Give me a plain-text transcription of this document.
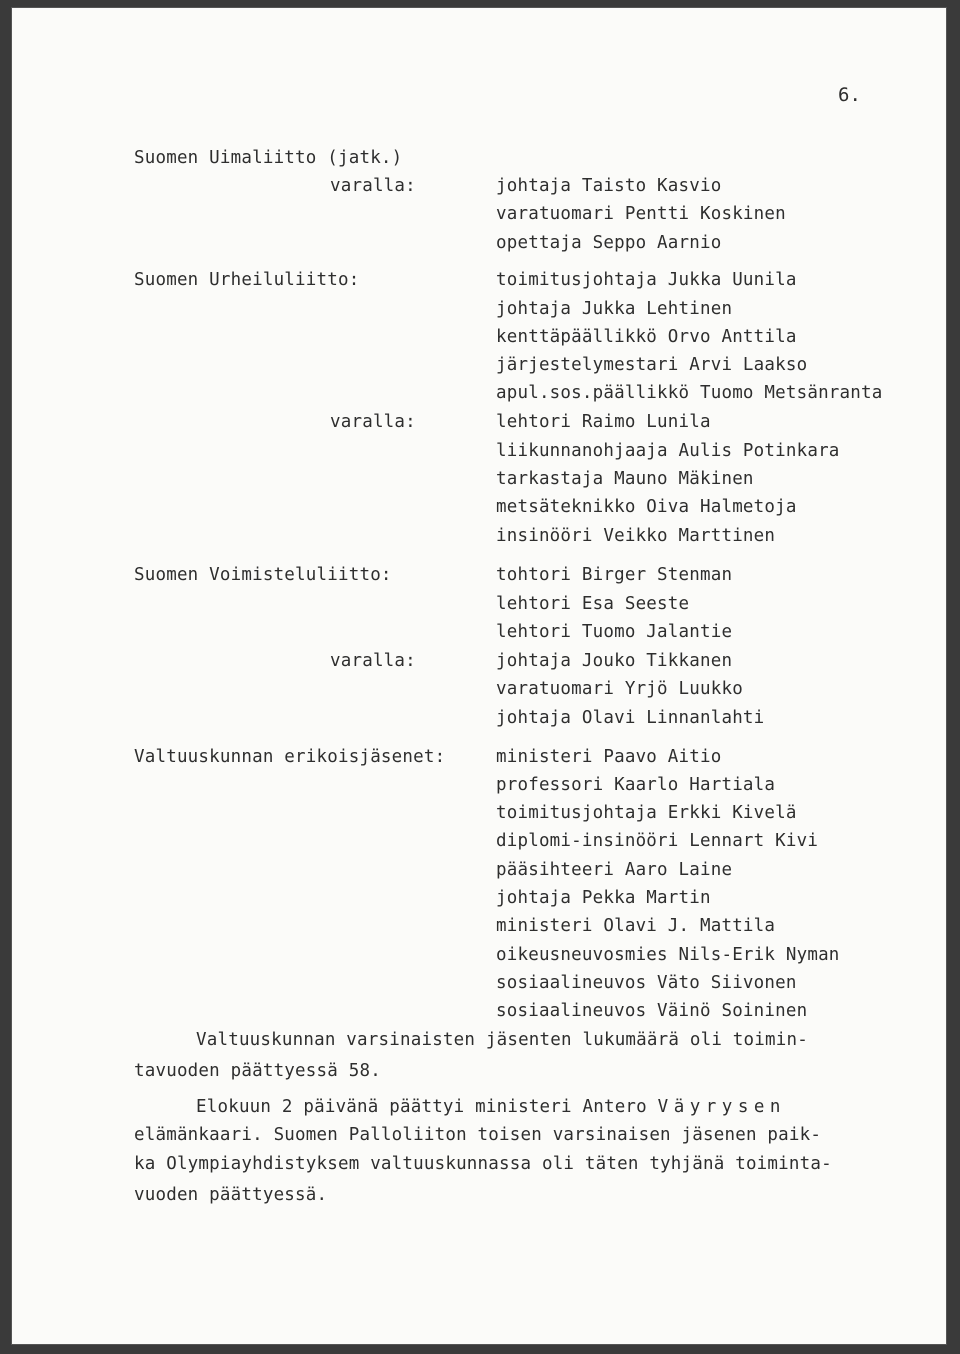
6.
Suomen Uimaliitto (jatk.)
varalla:	johtaja Taisto Kasvio
varatuomari Pentti Koskinen
opettaja Seppo Aarnio
Suomen Urheiluliitto:	toimitusjohtaja Jukka Uunila
johtaja Jukka Lehtinen
kenttäpäällikkö Orvo Anttila
järjestelymestari Arvi Laakso
apul.sos.päällikkö Tuomo Metsänranta
varalla:	lehtori Raimo Lunila
liikunnanohjaaja Aulis Potinkara
tarkastaja Mauno Mäkinen
metsäteknikko Oiva Halmetoja
insinööri Veikko Marttinen
Suomen Voimisteluliitto:	tohtori Birger Stenman
lehtori Esa Seeste
lehtori Tuomo Jalantie
varalla:	johtaja Jouko Tikkanen
varatuomari Yrjö Luukko
johtaja Olavi Linnanlahti
Valtuuskunnan erikoisjäsenet:	ministeri Paavo Aitio
professori Kaarlo Hartiala
toimitusjohtaja Erkki Kivelä
diplomi-insinööri Lennart Kivi
pääsihteeri Aaro Laine
johtaja Pekka Martin
ministeri Olavi J. Mattila
oikeusneuvosmies Nils-Erik Nyman
sosiaalineuvos Väto Siivonen
sosiaalineuvos Väinö Soininen
Valtuuskunnan varsinaisten jäsenten lukumäärä oli toimin-
tavuoden päättyessä 58.
Elokuun 2 päivänä päättyi ministeri Antero Väyrysen
elämänkaari. Suomen Palloliiton toisen varsinaisen jäsenen paik-
ka Olympiayhdistyksem valtuuskunnassa oli täten tyhjänä toiminta-
vuoden päättyessä.
